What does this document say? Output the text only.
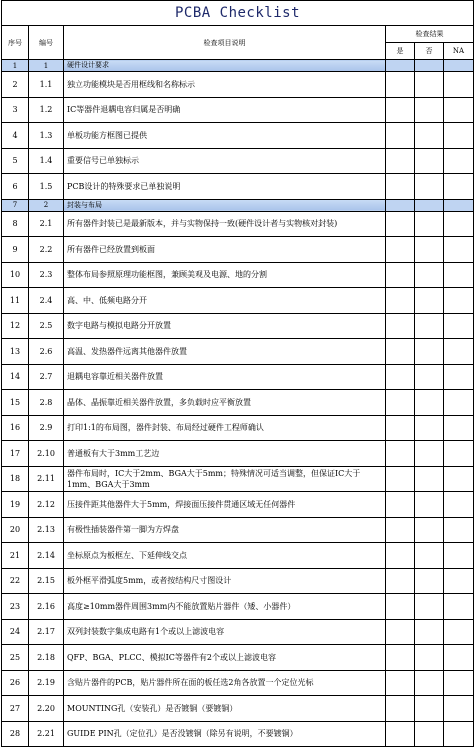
PCBA Checklist					
序号	编号	检查项目说明	检查结果		
			是	否	NA
1	1	硬件设计要求			
2	1.1	独立功能模块是否用框线和名称标示			
3	1.2	IC等器件退耦电容归属是否明确			
4	1.3	单板功能方框图已提供			
5	1.4	重要信号已单独标示			
6	1.5	PCB设计的特殊要求已单独说明			
7	2	封装与布局			
8	2.1	所有器件封装已是最新版本，并与实物保持一致(硬件设计者与实物核对封装)			
9	2.2	所有器件已经放置到板面			
10	2.3	整体布局参照原理功能框图，兼顾美观及电源、地的分割			
11	2.4	高、中、低频电路分开			
12	2.5	数字电路与模拟电路分开放置			
13	2.6	高温、发热器件远离其他器件放置			
14	2.7	退耦电容靠近相关器件放置			
15	2.8	晶体、晶振靠近相关器件放置，多负载时应平衡放置			
16	2.9	打印1:1的布局图，器件封装、布局经过硬件工程师确认			
17	2.10	普通板有大于3mm工艺边			
18	2.11	器件布局时，IC大于2mm、BGA大于5mm；特殊情况可适当调整，但保证IC大于1mm、BGA大于3mm			
19	2.12	压接件距其他器件大于5mm，焊接面压接件贯通区域无任何器件			
20	2.13	有极性插装器件第一脚为方焊盘			
21	2.14	坐标原点为板框左、下延伸线交点			
22	2.15	板外框平滑弧度5mm，或者按结构尺寸图设计			
23	2.16	高度≥10mm器件周围3mm内不能放置贴片器件（矮、小器件）			
24	2.17	双列封装数字集成电路有1个或以上滤波电容			
25	2.18	QFP、BGA、PLCC、模拟IC等器件有2个或以上滤波电容			
26	2.19	含贴片器件的PCB，贴片器件所在面的板任选2角各放置一个定位光标			
27	2.20	MOUNTING孔（安装孔）是否镀铜（要镀铜）			
28	2.21	GUIDE PIN孔（定位孔）是否没镀铜（除另有说明，不要镀铜）			
